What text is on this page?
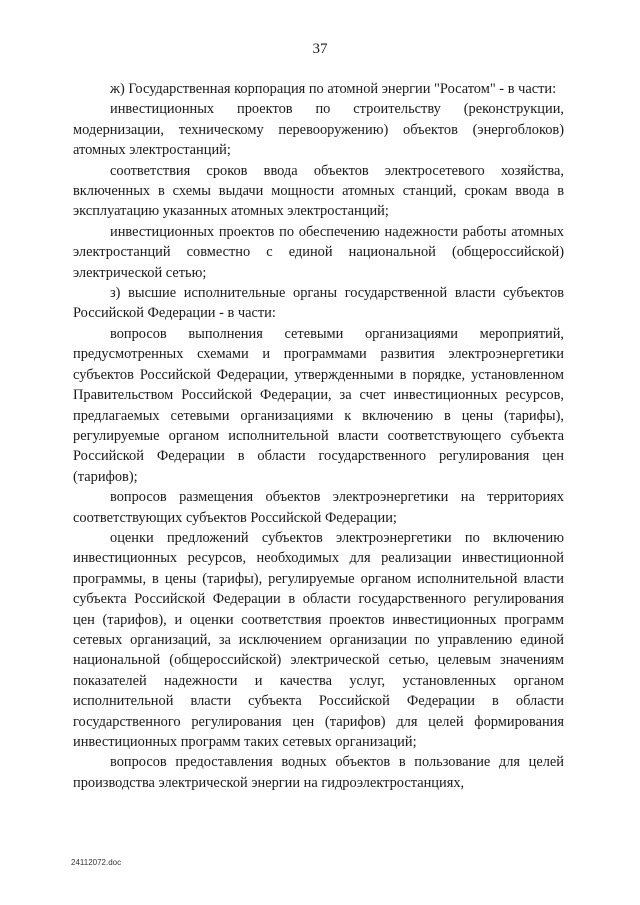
37

ж) Государственная корпорация по атомной энергии "Росатом" - в части:

инвестиционных проектов по строительству (реконструкции, модернизации, техническому перевооружению) объектов (энергоблоков) атомных электростанций;

соответствия сроков ввода объектов электросетевого хозяйства, включенных в схемы выдачи мощности атомных станций, срокам ввода в эксплуатацию указанных атомных электростанций;

инвестиционных проектов по обеспечению надежности работы атомных электростанций совместно с единой национальной (общероссийской) электрической сетью;

з) высшие исполнительные органы государственной власти субъектов Российской Федерации - в части:

вопросов выполнения сетевыми организациями мероприятий, предусмотренных схемами и программами развития электроэнергетики субъектов Российской Федерации, утвержденными в порядке, установленном Правительством Российской Федерации, за счет инвестиционных ресурсов, предлагаемых сетевыми организациями к включению в цены (тарифы), регулируемые органом исполнительной власти соответствующего субъекта Российской Федерации в области государственного регулирования цен (тарифов);

вопросов размещения объектов электроэнергетики на территориях соответствующих субъектов Российской Федерации;

оценки предложений субъектов электроэнергетики по включению инвестиционных ресурсов, необходимых для реализации инвестиционной программы, в цены (тарифы), регулируемые органом исполнительной власти субъекта Российской Федерации в области государственного регулирования цен (тарифов), и оценки соответствия проектов инвестиционных программ сетевых организаций, за исключением организации по управлению единой национальной (общероссийской) электрической сетью, целевым значениям показателей надежности и качества услуг, установленных органом исполнительной власти субъекта Российской Федерации в области государственного регулирования цен (тарифов) для целей формирования инвестиционных программ таких сетевых организаций;

вопросов предоставления водных объектов в пользование для целей производства электрической энергии на гидроэлектростанциях,

24112072.doc
